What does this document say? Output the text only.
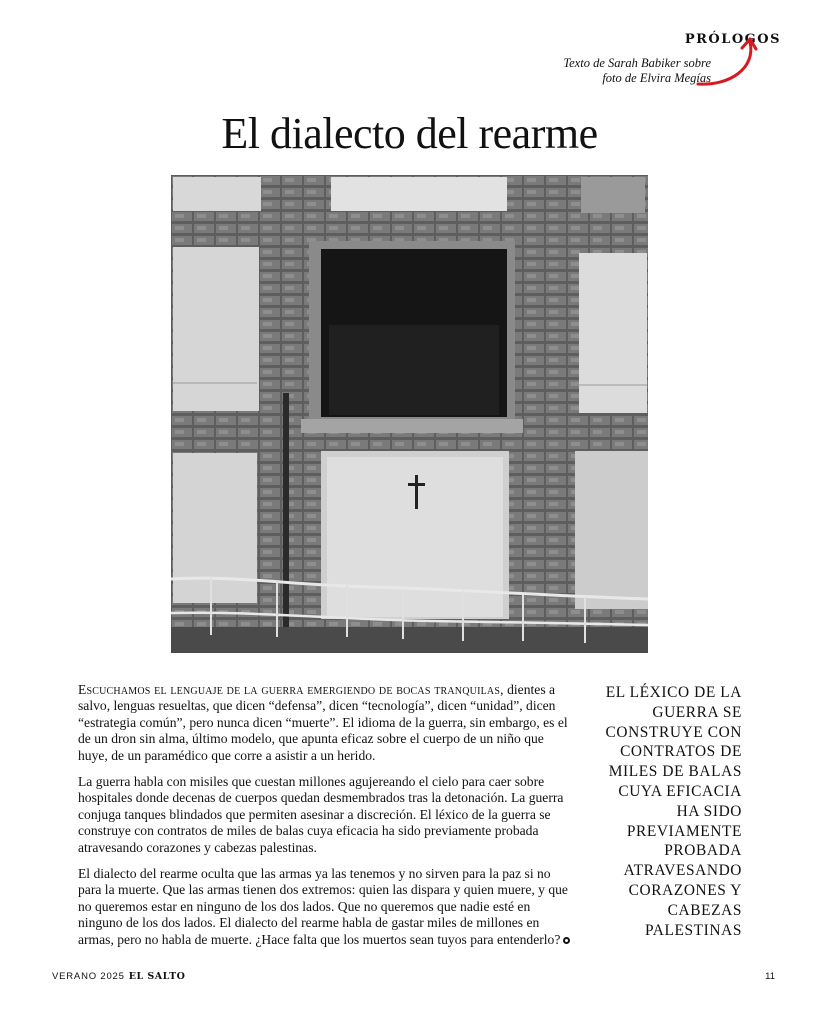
PRÓLOGOS
Texto de Sarah Babiker sobre
foto de Elvira Megías
El dialecto del rearme

Escuchamos el lenguaje de la guerra emergiendo de bocas tranquilas, dientes a salvo, lenguas resueltas, que dicen “defensa”, dicen “tecnología”, dicen “unidad”, dicen “estrategia común”, pero nunca dicen “muerte”. El idioma de la guerra, sin embargo, es el de un dron sin alma, último modelo, que apunta eficaz sobre el cuerpo de un niño que huye, de un paramédico que corre a asistir a un herido.

La guerra habla con misiles que cuestan millones agujereando el cielo para caer sobre hospitales donde decenas de cuerpos quedan desmembrados tras la detonación. La guerra conjuga tanques blindados que permiten asesinar a discreción. El léxico de la guerra se construye con contratos de miles de balas cuya eficacia ha sido previamente probada atravesando corazones y cabezas palestinas.

El dialecto del rearme oculta que las armas ya las tenemos y no sirven para la paz si no para la muerte. Que las armas tienen dos extremos: quien las dispara y quien muere, y que no queremos estar en ninguno de los dos lados. Que no queremos que nadie esté en ninguno de los dos lados. El dialecto del rearme habla de gastar miles de millones en armas, pero no habla de muerte. ¿Hace falta que los muertos sean tuyos para entenderlo?

EL LÉXICO DE LA GUERRA SE CONSTRUYE CON CONTRATOS DE MILES DE BALAS CUYA EFICACIA HA SIDO PREVIAMENTE PROBADA ATRAVESANDO CORAZONES Y CABEZAS PALESTINAS
VERANO 2025 EL SALTO	11
